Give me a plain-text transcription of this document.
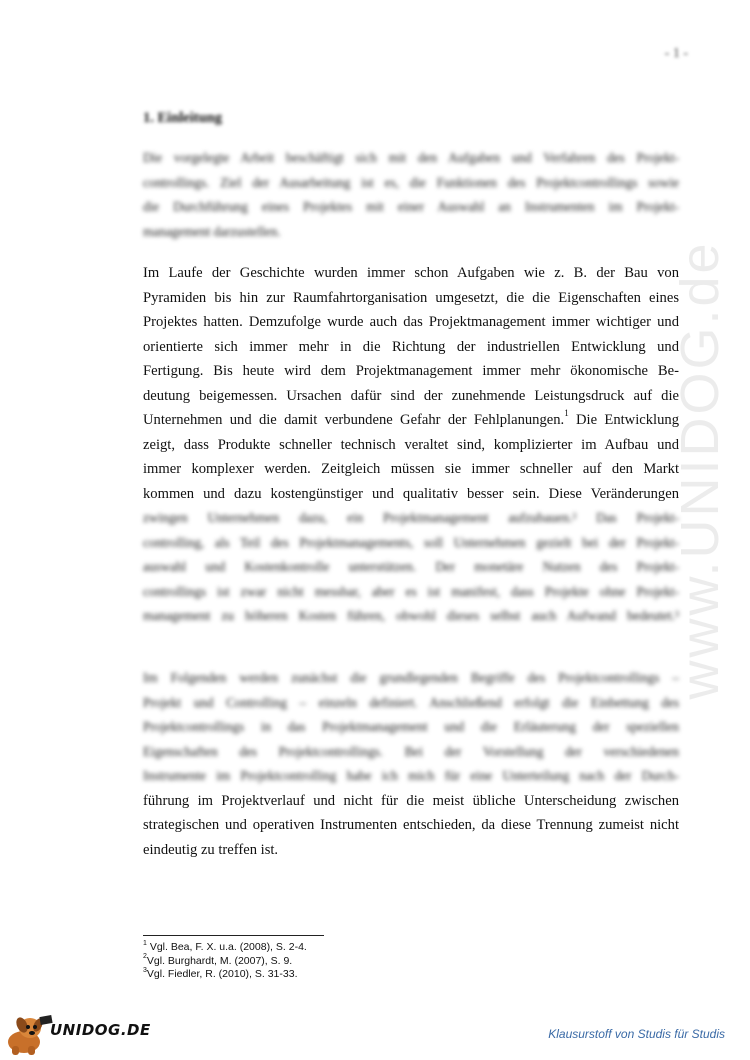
www.UNIDOG.de
- 1 -
1. Einleitung
Die vorgelegte Arbeit beschäftigt sich mit den Aufgaben und Verfahren des Projekt-
controllings. Ziel der Ausarbeitung ist es, die Funktionen des Projektcontrollings sowie
die Durchführung eines Projektes mit einer Auswahl an Instrumenten im Projekt-
management darzustellen.
Im Laufe der Geschichte wurden immer schon Aufgaben wie z. B. der Bau von
Pyramiden bis hin zur Raumfahrtorganisation umgesetzt, die die Eigenschaften eines
Projektes hatten. Demzufolge wurde auch das Projektmanagement immer wichtiger und
orientierte sich immer mehr in die Richtung der industriellen Entwicklung und
Fertigung. Bis heute wird dem Projektmanagement immer mehr ökonomische Be-
deutung beigemessen. Ursachen dafür sind der zunehmende Leistungsdruck auf die
Unternehmen und die damit verbundene Gefahr der Fehlplanungen.$^1$ Die Entwicklung
zeigt, dass Produkte schneller technisch veraltet sind, komplizierter im Aufbau und
immer komplexer werden. Zeitgleich müssen sie immer schneller auf den Markt
kommen und dazu kostengünstiger und qualitativ besser sein. Diese Veränderungen
zwingen Unternehmen dazu, ein Projektmanagement aufzubauen.² Das Projekt-
controlling, als Teil des Projektmanagements, soll Unternehmen gezielt bei der Projekt-
auswahl und Kostenkontrolle unterstützen. Der monetäre Nutzen des Projekt-
controllings ist zwar nicht messbar, aber es ist manifest, dass Projekte ohne Projekt-
management zu höheren Kosten führen, obwohl dieses selbst auch Aufwand bedeutet.³
Im Folgenden werden zunächst die grundlegenden Begriffe des Projektcontrollings –
Projekt und Controlling – einzeln definiert. Anschließend erfolgt die Einbettung des
Projektcontrollings in das Projektmanagement und die Erläuterung der speziellen
Eigenschaften des Projektcontrollings. Bei der Vorstellung der verschiedenen
Instrumente im Projektcontrolling habe ich mich für eine Unterteilung nach der Durch-
führung im Projektverlauf und nicht für die meist übliche Unterscheidung zwischen
strategischen und operativen Instrumenten entschieden, da diese Trennung zumeist nicht
eindeutig zu treffen ist.
$^1$ Vgl. Bea, F. X. u.a. (2008), S. 2-4.
$^2$Vgl. Burghardt, M. (2007), S. 9.
$^3$Vgl. Fiedler, R. (2010), S. 31-33.
UNIDOG.DE	Klausurstoff von Studis für Studis
